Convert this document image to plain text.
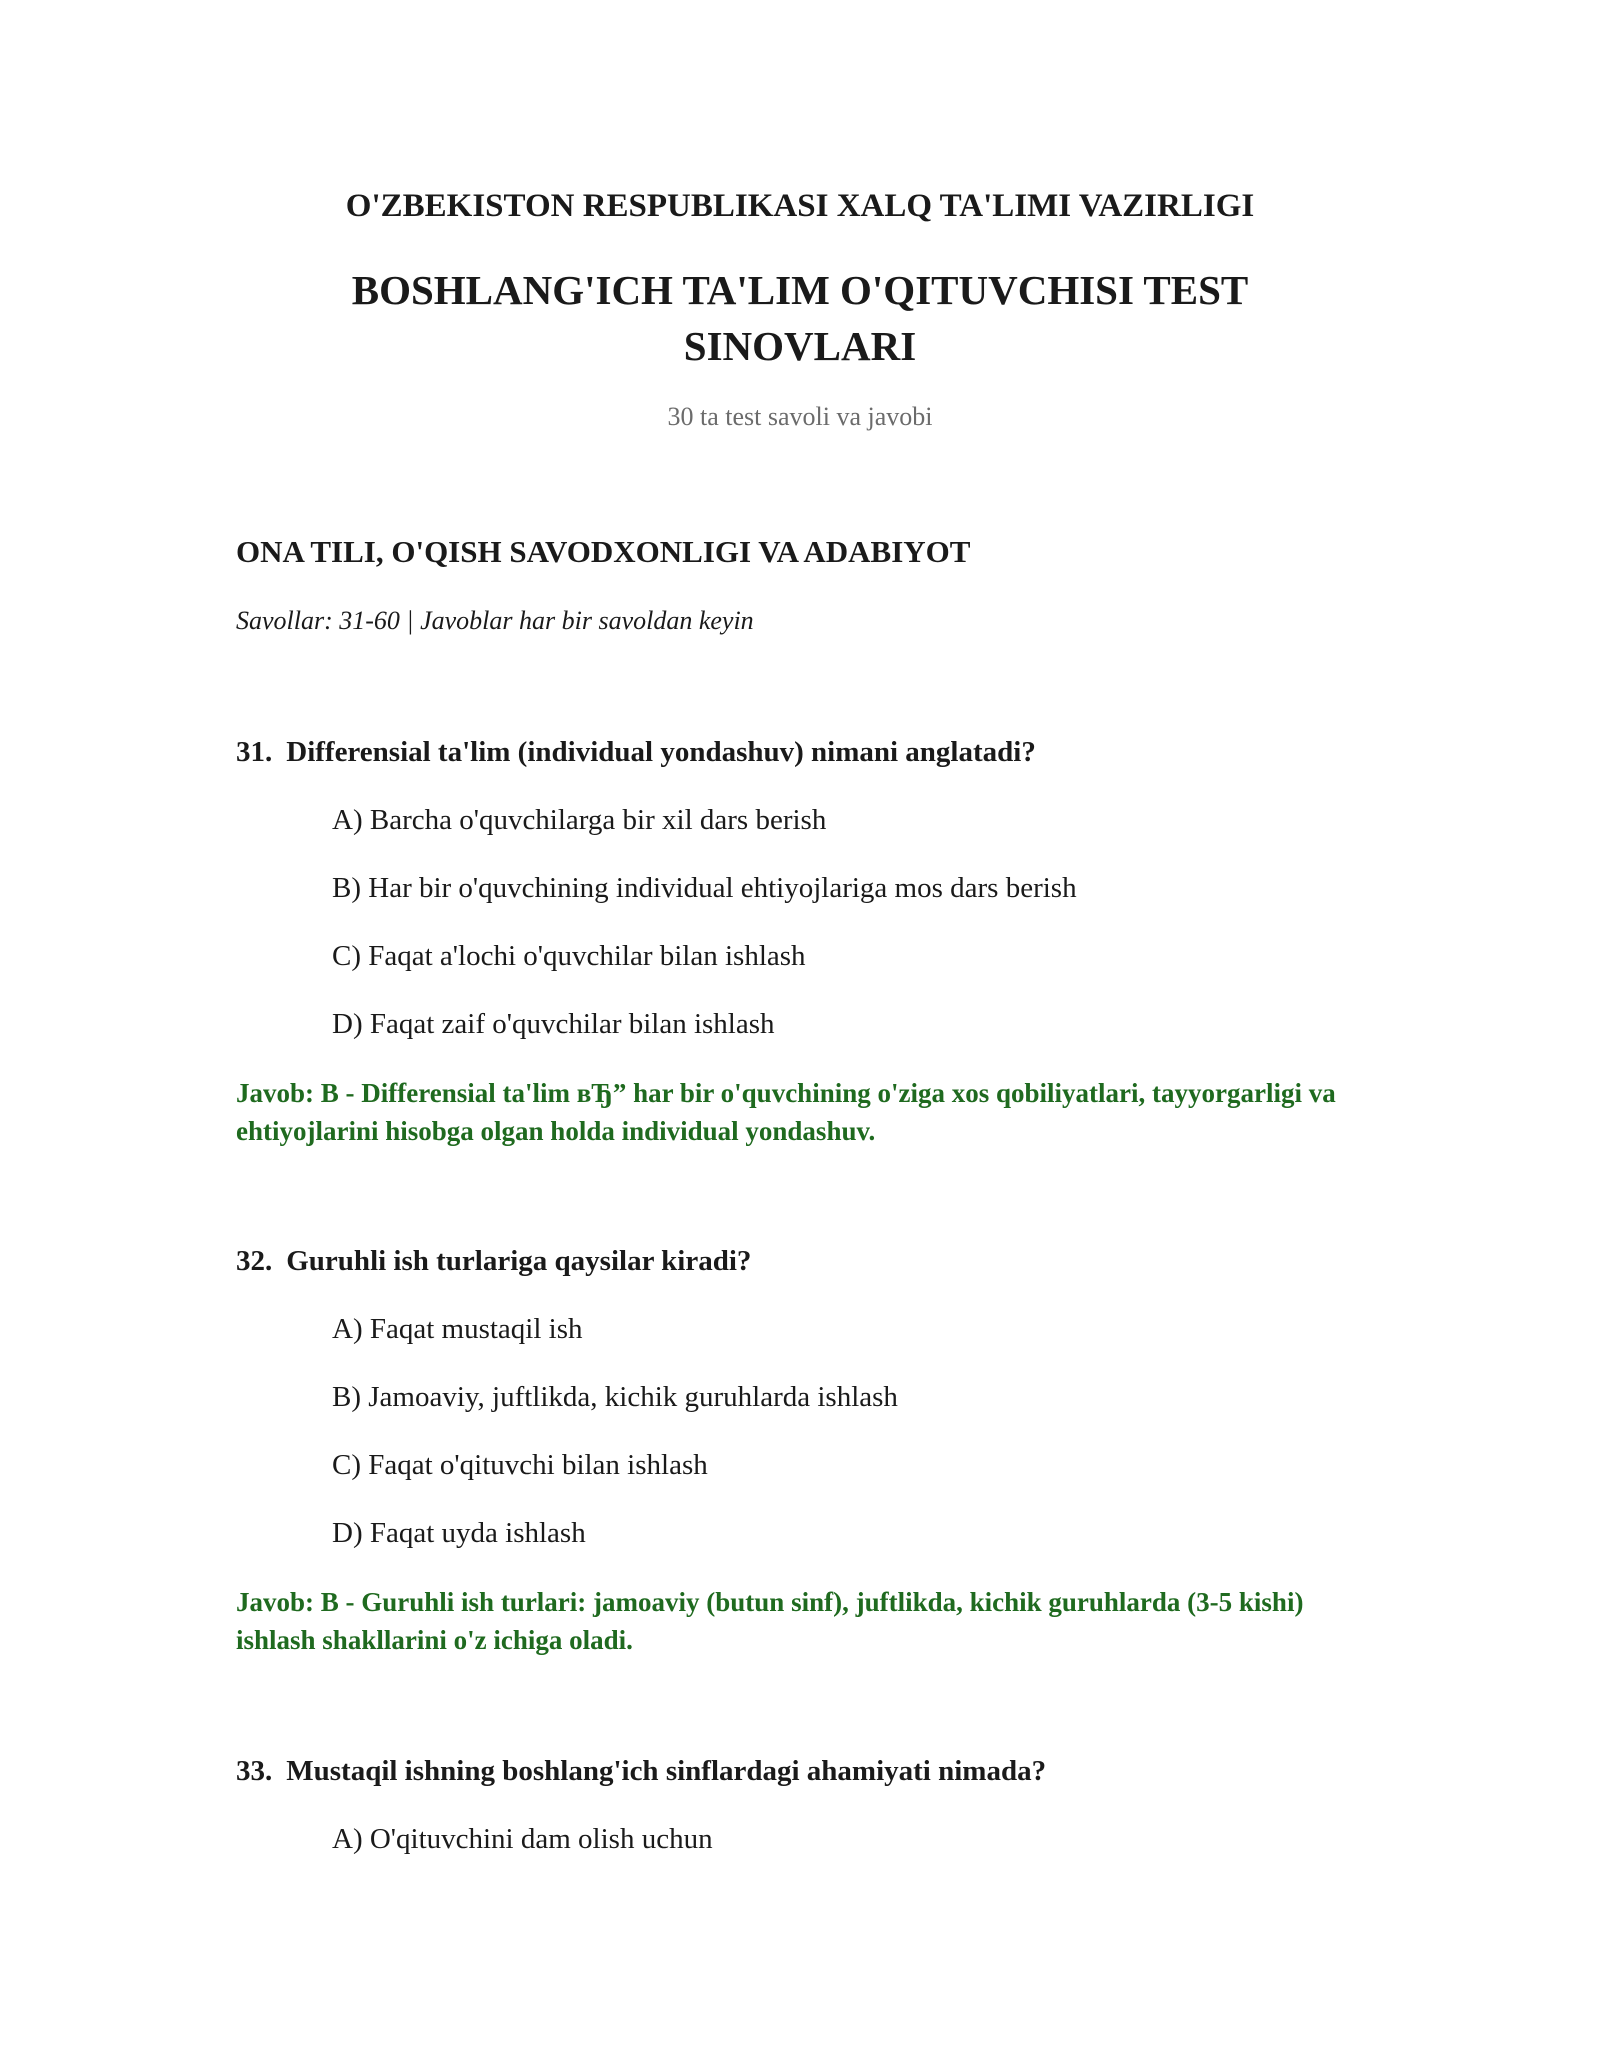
O'ZBEKISTON RESPUBLIKASI XALQ TA'LIMI VAZIRLIGI
BOSHLANG'ICH TA'LIM O'QITUVCHISI TEST SINOVLARI
30 ta test savoli va javobi
ONA TILI, O'QISH SAVODXONLIGI VA ADABIYOT
Savollar: 31-60 | Javoblar har bir savoldan keyin
31. Differensial ta'lim (individual yondashuv) nimani anglatadi?
A) Barcha o'quvchilarga bir xil dars berish
B) Har bir o'quvchining individual ehtiyojlariga mos dars berish
C) Faqat a'lochi o'quvchilar bilan ishlash
D) Faqat zaif o'quvchilar bilan ishlash
Javob: B - Differensial ta'lim вЂ” har bir o'quvchining o'ziga xos qobiliyatlari, tayyorgarligi va ehtiyojlarini hisobga olgan holda individual yondashuv.
32. Guruhli ish turlariga qaysilar kiradi?
A) Faqat mustaqil ish
B) Jamoaviy, juftlikda, kichik guruhlarda ishlash
C) Faqat o'qituvchi bilan ishlash
D) Faqat uyda ishlash
Javob: B - Guruhli ish turlari: jamoaviy (butun sinf), juftlikda, kichik guruhlarda (3-5 kishi) ishlash shakllarini o'z ichiga oladi.
33. Mustaqil ishning boshlang'ich sinflardagi ahamiyati nimada?
A) O'qituvchini dam olish uchun
